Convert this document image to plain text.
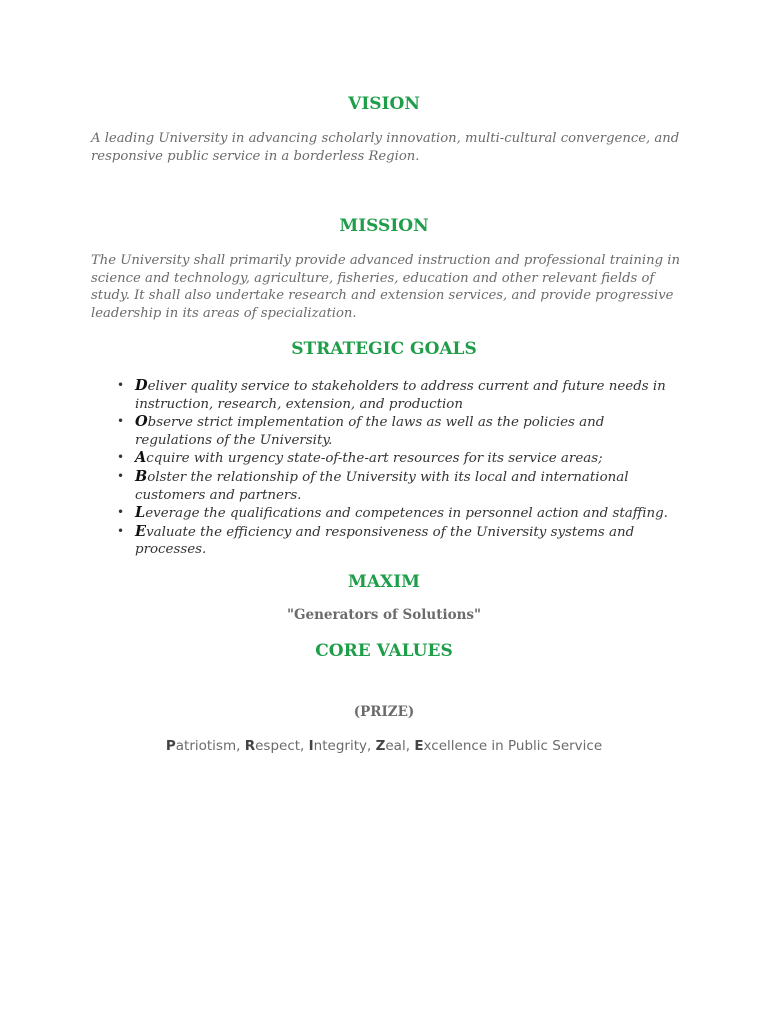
VISION

A leading University in advancing scholarly innovation, multi-cultural convergence, and responsive public service in a borderless Region.

MISSION

The University shall primarily provide advanced instruction and professional training in science and technology, agriculture, fisheries, education and other relevant fields of study. It shall also undertake research and extension services, and provide progressive leadership in its areas of specialization.

STRATEGIC GOALS
• Deliver quality service to stakeholders to address current and future needs in instruction, research, extension, and production
• Observe strict implementation of the laws as well as the policies and regulations of the University.
• Acquire with urgency state-of-the-art resources for its service areas;
• Bolster the relationship of the University with its local and international customers and partners.
• Leverage the qualifications and competences in personnel action and staffing.
• Evaluate the efficiency and responsiveness of the University systems and processes.
MAXIM

"Generators of Solutions"

CORE VALUES

(PRIZE)

Patriotism, Respect, Integrity, Zeal, Excellence in Public Service
